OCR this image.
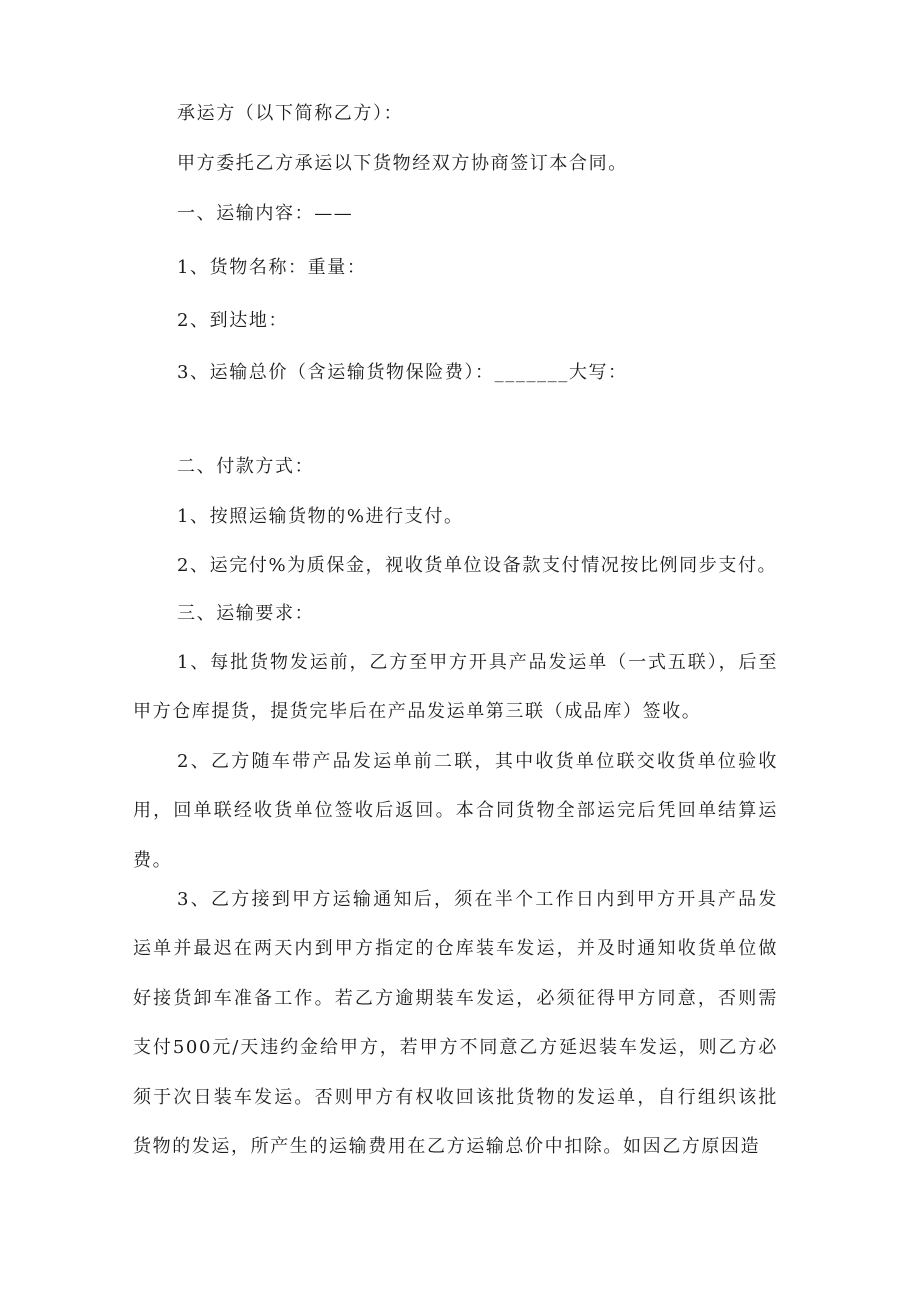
承运方（以下简称乙方）：
甲方委托乙方承运以下货物经双方协商签订本合同。
一、运输内容：——
1、货物名称：重量：
2、到达地：
3、运输总价（含运输货物保险费）：_______大写：
二、付款方式：
1、按照运输货物的%进行支付。
2、运完付%为质保金，视收货单位设备款支付情况按比例同步支付。
三、运输要求：

1、每批货物发运前，乙方至甲方开具产品发运单（一式五联），后至甲方仓库提货，提货完毕后在产品发运单第三联（成品库）签收。

2、乙方随车带产品发运单前二联，其中收货单位联交收货单位验收用，回单联经收货单位签收后返回。本合同货物全部运完后凭回单结算运费。

3、乙方接到甲方运输通知后，须在半个工作日内到甲方开具产品发运单并最迟在两天内到甲方指定的仓库装车发运，并及时通知收货单位做好接货卸车准备工作。若乙方逾期装车发运，必须征得甲方同意，否则需支付500元/天违约金给甲方，若甲方不同意乙方延迟装车发运，则乙方必须于次日装车发运。否则甲方有权收回该批货物的发运单，自行组织该批货物的发运，所产生的运输费用在乙方运输总价中扣除。如因乙方原因造
